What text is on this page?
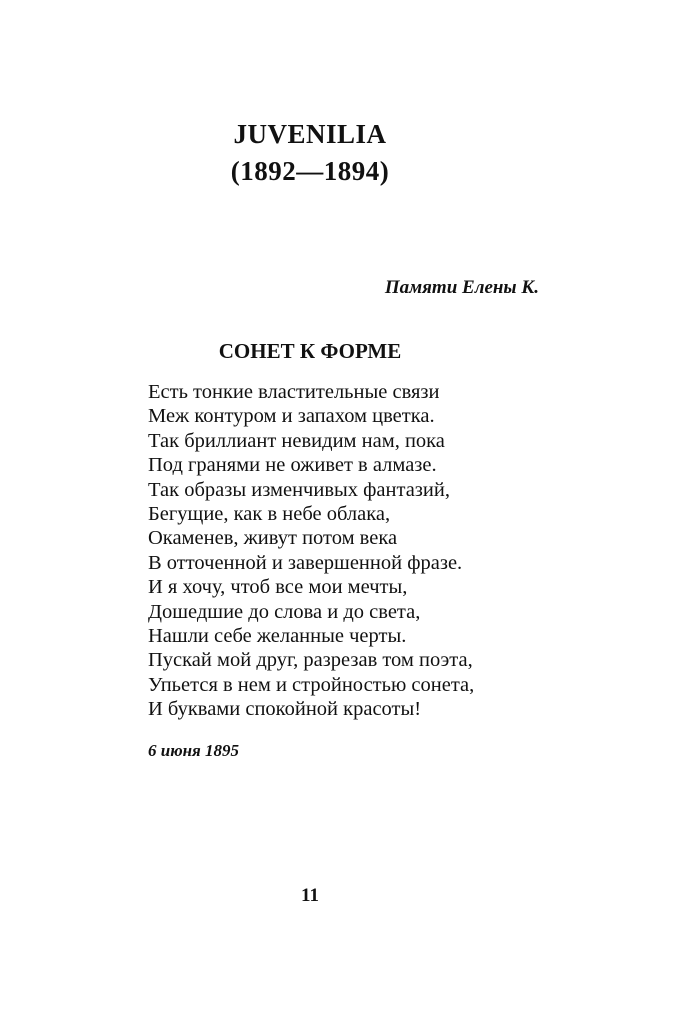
JUVENILIA
(1892—1894)
Памяти Елены К.
СОНЕТ К ФОРМЕ
Есть тонкие властительные связи
Меж контуром и запахом цветка.
Так бриллиант невидим нам, пока
Под гранями не оживет в алмазе.
Так образы изменчивых фантазий,
Бегущие, как в небе облака,
Окаменев, живут потом века
В отточенной и завершенной фразе.
И я хочу, чтоб все мои мечты,
Дошедшие до слова и до света,
Нашли себе желанные черты.
Пускай мой друг, разрезав том поэта,
Упьется в нем и стройностью сонета,
И буквами спокойной красоты!
6 июня 1895
11
